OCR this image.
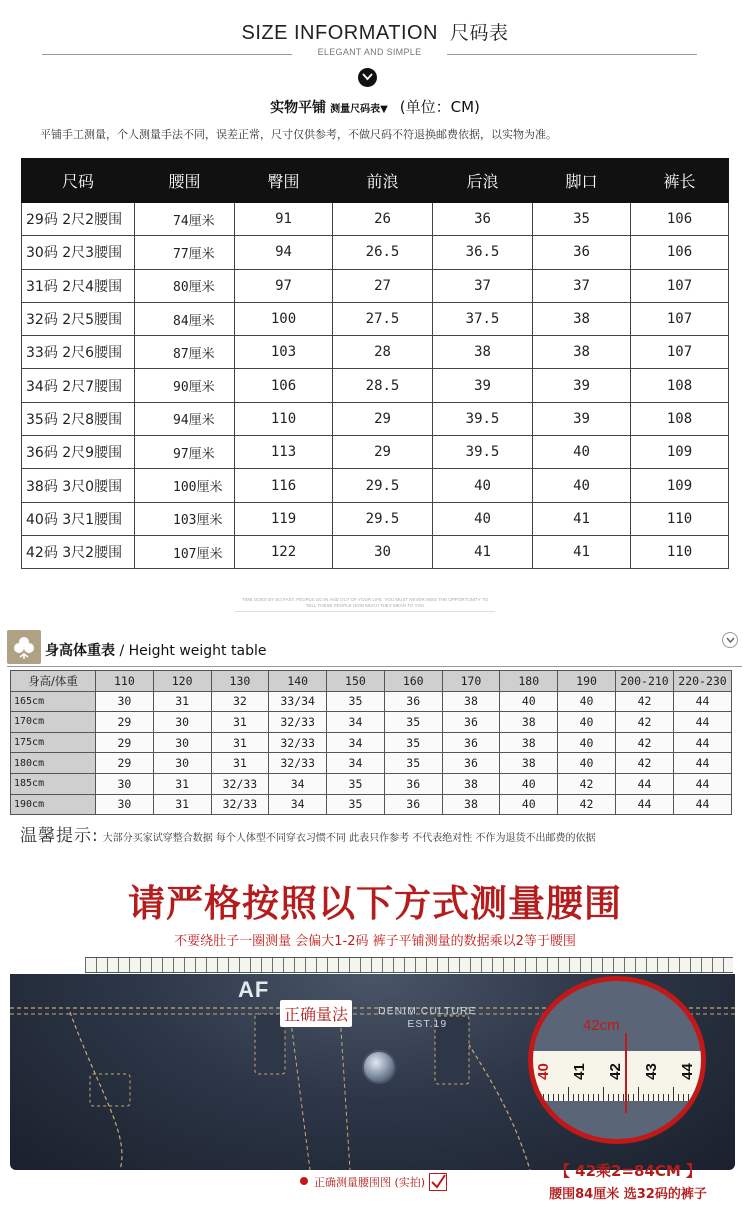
SIZE INFORMATION 尺码表
ELEGANT AND SIMPLE
实物平铺 测量尺码表▼ (单位：CM)
平铺手工测量，个人测量手法不同，误差正常，尺寸仅供参考，不做尺码不符退换邮费依据，以实物为准。
尺码	腰围	臀围	前浪	后浪	脚口	裤长
29码 2尺2腰围	74厘米	91	26	36	35	106
30码 2尺3腰围	77厘米	94	26.5	36.5	36	106
31码 2尺4腰围	80厘米	97	27	37	37	107
32码 2尺5腰围	84厘米	100	27.5	37.5	38	107
33码 2尺6腰围	87厘米	103	28	38	38	107
34码 2尺7腰围	90厘米	106	28.5	39	39	108
35码 2尺8腰围	94厘米	110	29	39.5	39	108
36码 2尺9腰围	97厘米	113	29	39.5	40	109
38码 3尺0腰围	100厘米	116	29.5	40	40	109
40码 3尺1腰围	103厘米	119	29.5	40	41	110
42码 3尺2腰围	107厘米	122	30	41	41	110
TIME GOES BY SO FAST, PEOPLE GO IN AND OUT OF YOUR LIFE. YOU MUST NEVER MISS THE OPPORTUNITY TO
TELL THESE PEOPLE HOW MUCH THEY MEAN TO YOU
身高体重表 / Height weight table
身高/体重	110	120	130	140	150	160	170	180	190	200-210	220-230
165cm	30	31	32	33/34	35	36	38	40	40	42	44
170cm	29	30	31	32/33	34	35	36	38	40	42	44
175cm	29	30	31	32/33	34	35	36	38	40	42	44
180cm	29	30	31	32/33	34	35	36	38	40	42	44
185cm	30	31	32/33	34	35	36	38	40	42	44	44
190cm	30	31	32/33	34	35	36	38	40	42	44	44
温馨提示: 大部分买家试穿整合数据 每个人体型不同穿衣习惯不同 此表只作参考 不代表绝对性 不作为退货不出邮费的依据
请严格按照以下方式测量腰围
不要绕肚子一圈测量 会偏大1-2码 裤子平铺测量的数据乘以2等于腰围
AF
正确量法	DENIM CULTURE
EST.19	42cm
40 41 42 43 44
正确测量腰围图 (实拍)
【 42乘2=84CM 】
腰围84厘米 选32码的裤子
